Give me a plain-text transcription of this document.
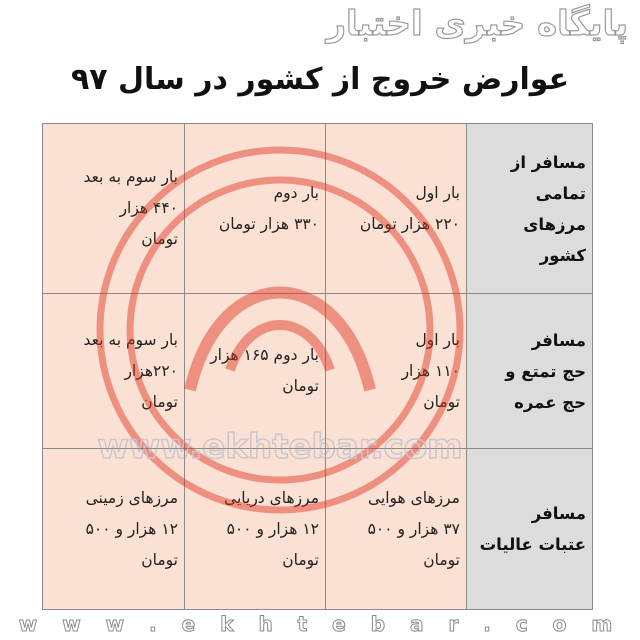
پایگاه خبری اختبار
عوارض خروج از کشور در سال ۹۷
مسافر از
تمامی مرزهای
کشور	بار اول
۲۲۰ هزار تومان	بار دوم
۳۳۰ هزار تومان	بار سوم به بعد
۴۴۰ هزار
تومان

مسافر
حج تمتع و
حج عمره	بار اول
۱۱۰ هزار
تومان	بار دوم ۱۶۵ هزار
تومان	بار سوم به بعد
۲۲۰هزار
تومان

مسافر
عتبات عالیات	مرزهای هوایی
۳۷ هزار و ۵۰۰
تومان	مرزهای دریایی
۱۲ هزار و ۵۰۰
تومان	مرزهای زمینی
۱۲ هزار و ۵۰۰
تومان
www.ekhtebar.com
w w w . e k h t e b a r . c o m
